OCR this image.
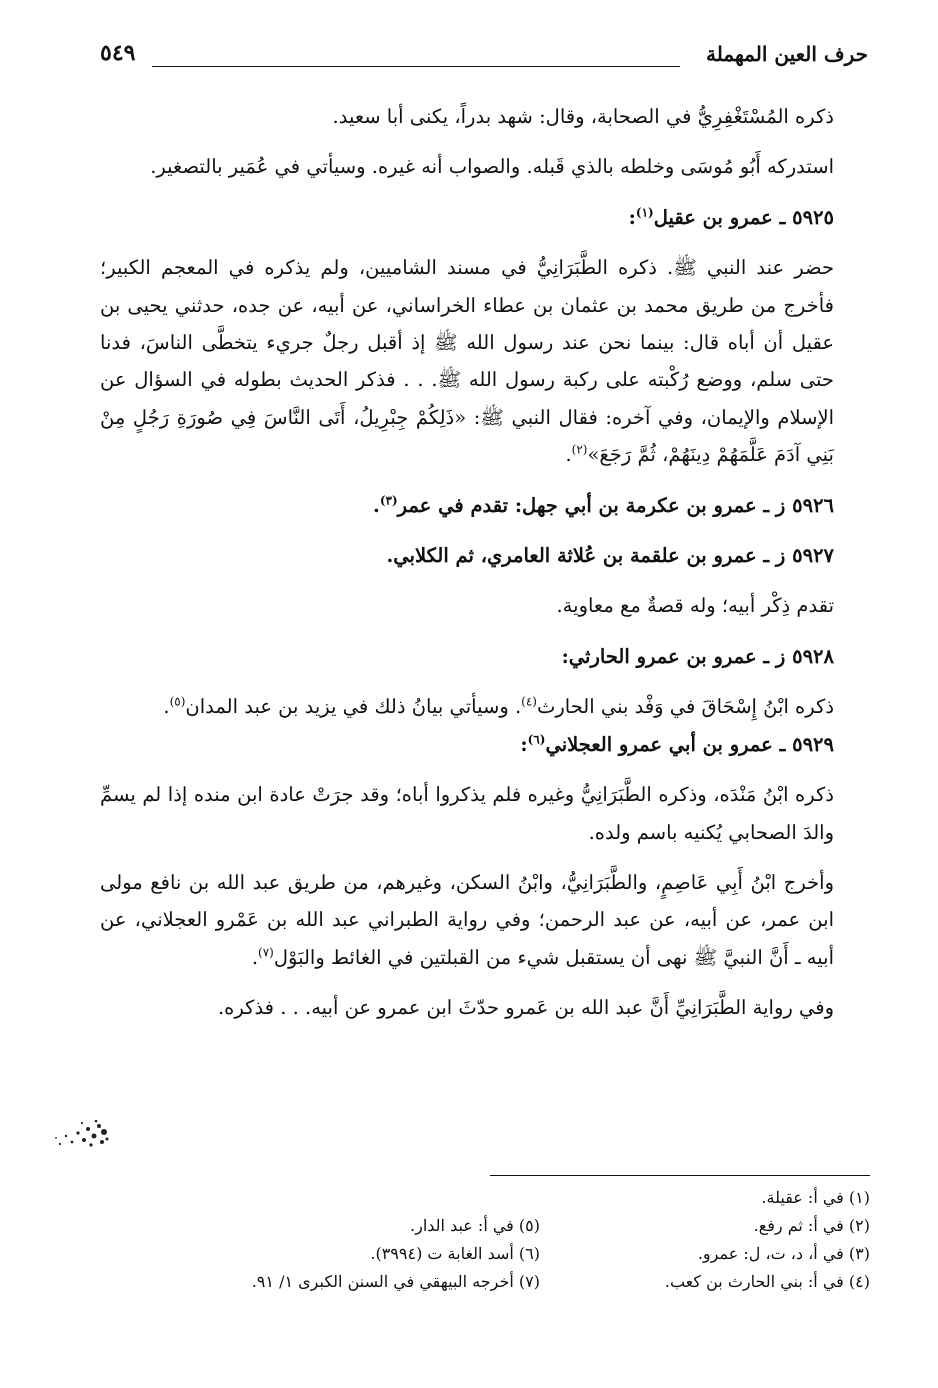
حرف العين المهملة
٥٤٩

ذكره المُسْتَغْفِرِيُّ في الصحابة، وقال: شهد بدراً، يكنى أبا سعيد.

استدركه أَبُو مُوسَى وخلطه بالذي قَبله. والصواب أنه غيره. وسيأتي في عُمَير بالتصغير.

٥٩٢٥ ـ عمرو بن عقيل$^{(١)}$:

حضر عند النبي ﷺ. ذكره الطَّبَرَانِيُّ في مسند الشاميين، ولم يذكره في المعجم الكبير؛ فأخرج من طريق محمد بن عثمان بن عطاء الخراساني، عن أبيه، عن جده، حدثني يحيى بن عقيل أن أباه قال: بينما نحن عند رسول الله ﷺ إذ أقبل رجلٌ جريء يتخطَّى الناسَ، فدنا حتى سلم، ووضع رُكْبته على ركبة رسول الله ﷺ. . . فذكر الحديث بطوله في السؤال عن الإسلام والإيمان، وفي آخره: فقال النبي ﷺ: «ذَلِكُمْ جِبْرِيلُ، أَتَى النَّاسَ فِي صُورَةِ رَجُلٍ مِنْ بَنِي آدَمَ عَلَّمَهُمْ دِينَهُمْ، ثُمَّ رَجَعَ»$^{(٢)}$.

٥٩٢٦ ز ـ عمرو بن عكرمة بن أبي جهل: تقدم في عمر$^{(٣)}$.

٥٩٢٧ ز ـ عمرو بن علقمة بن عُلاثة العامري، ثم الكلابي.

تقدم ذِكْر أبيه؛ وله قصةٌ مع معاوية.

٥٩٢٨ ز ـ عمرو بن عمرو الحارثي:

ذكره ابْنُ إِسْحَاقَ في وَفْد بني الحارث$^{(٤)}$. وسيأتي بيانُ ذلك في يزيد بن عبد المدان$^{(٥)}$.

٥٩٢٩ ـ عمرو بن أبي عمرو العجلاني$^{(٦)}$:

ذكره ابْنُ مَنْدَه، وذكره الطَّبَرَانِيُّ وغيره فلم يذكروا أباه؛ وقد جرَتْ عادة ابن منده إذا لم يسمِّ والدَ الصحابي يُكنيه باسم ولده.

وأخرج ابْنُ أَبِي عَاصِمٍ، والطَّبَرَانِيُّ، وابْنُ السكن، وغيرهم، من طريق عبد الله بن نافع مولى ابن عمر، عن أبيه، عن عبد الرحمن؛ وفي رواية الطبراني عبد الله بن عَمْرو العجلاني، عن أبيه ـ أَنَّ النبيَّ ﷺ نهى أن يستقبل شيء من القبلتين في الغائط والبَوْل$^{(٧)}$.

وفي رواية الطَّبَرَانِيِّ أَنَّ عبد الله بن عَمرو حدّثَ ابن عمرو عن أبيه. . . فذكره.

(١) في أ: عقيلة.
(٢) في أ: ثم رفع.
(٥) في أ: عبد الدار.
(٣) في أ، د، ت، ل: عمرو.
(٦) أسد الغابة ت (٣٩٩٤).
(٤) في أ: بني الحارث بن كعب.
(٧) أخرجه البيهقي في السنن الكبرى ١/ ٩١.
